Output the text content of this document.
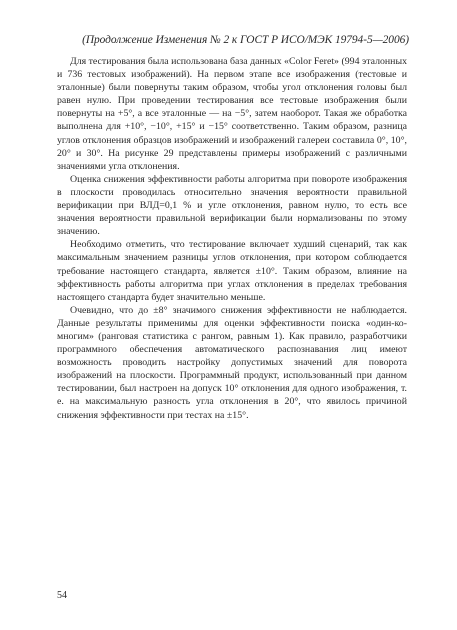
(Продолжение Изменения № 2 к ГОСТ Р ИСО/МЭК 19794-5—2006)

Для тестирования была использована база данных «Color Feret» (994 эталонных и 736 тестовых изображений). На первом этапе все изображения (тестовые и эталонные) были повернуты таким образом, чтобы угол отклонения головы был равен нулю. При проведении тестирования все тестовые изображения были повернуты на +5°, а все эталонные — на −5°, затем наоборот. Такая же обработка выполнена для +10°, −10°, +15° и −15° соответственно. Таким образом, разница углов отклонения образцов изображений и изображений галереи составила 0°, 10°, 20° и 30°. На рисунке 29 представлены примеры изображений с различными значениями угла отклонения.

Оценка снижения эффективности работы алгоритма при повороте изображения в плоскости проводилась относительно значения вероятности правильной верификации при ВЛД=0,1 % и угле отклонения, равном нулю, то есть все значения вероятности правильной верификации были нормализованы по этому значению.

Необходимо отметить, что тестирование включает худший сценарий, так как максимальным значением разницы углов отклонения, при котором соблюдается требование настоящего стандарта, является ±10°. Таким образом, влияние на эффективность работы алгоритма при углах отклонения в пределах требования настоящего стандарта будет значительно меньше.

Очевидно, что до ±8° значимого снижения эффективности не наблюдается. Данные результаты применимы для оценки эффективности поиска «один-ко-многим» (ранговая статистика с рангом, равным 1). Как правило, разработчики программного обеспечения автоматического распознавания лиц имеют возможность проводить настройку допустимых значений для поворота изображений на плоскости. Программный продукт, использованный при данном тестировании, был настроен на допуск 10° отклонения для одного изображения, т. е. на максимальную разность угла отклонения в 20°, что явилось причиной снижения эффективности при тестах на ±15°.

54
